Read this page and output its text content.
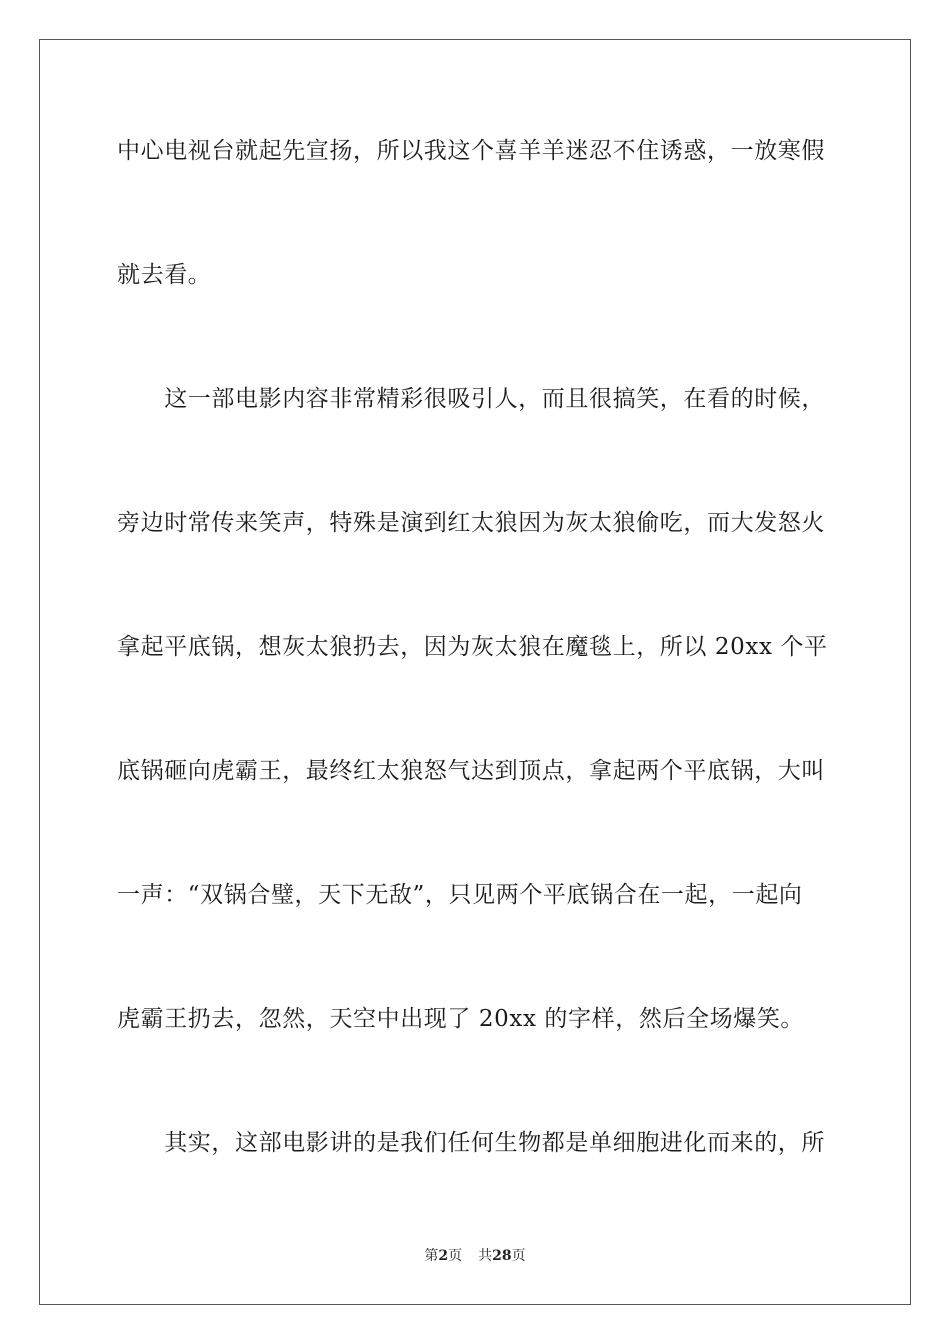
中心电视台就起先宣扬，所以我这个喜羊羊迷忍不住诱惑，一放寒假
就去看。
　　这一部电影内容非常精彩很吸引人，而且很搞笑，在看的时候，
旁边时常传来笑声，特殊是演到红太狼因为灰太狼偷吃，而大发怒火
拿起平底锅，想灰太狼扔去，因为灰太狼在魔毯上，所以 20xx 个平
底锅砸向虎霸王，最终红太狼怒气达到顶点，拿起两个平底锅，大叫
一声：“双锅合璧，天下无敌”，只见两个平底锅合在一起，一起向
虎霸王扔去，忽然，天空中出现了 20xx 的字样，然后全场爆笑。
　　其实，这部电影讲的是我们任何生物都是单细胞进化而来的，所
第2页 共28页
